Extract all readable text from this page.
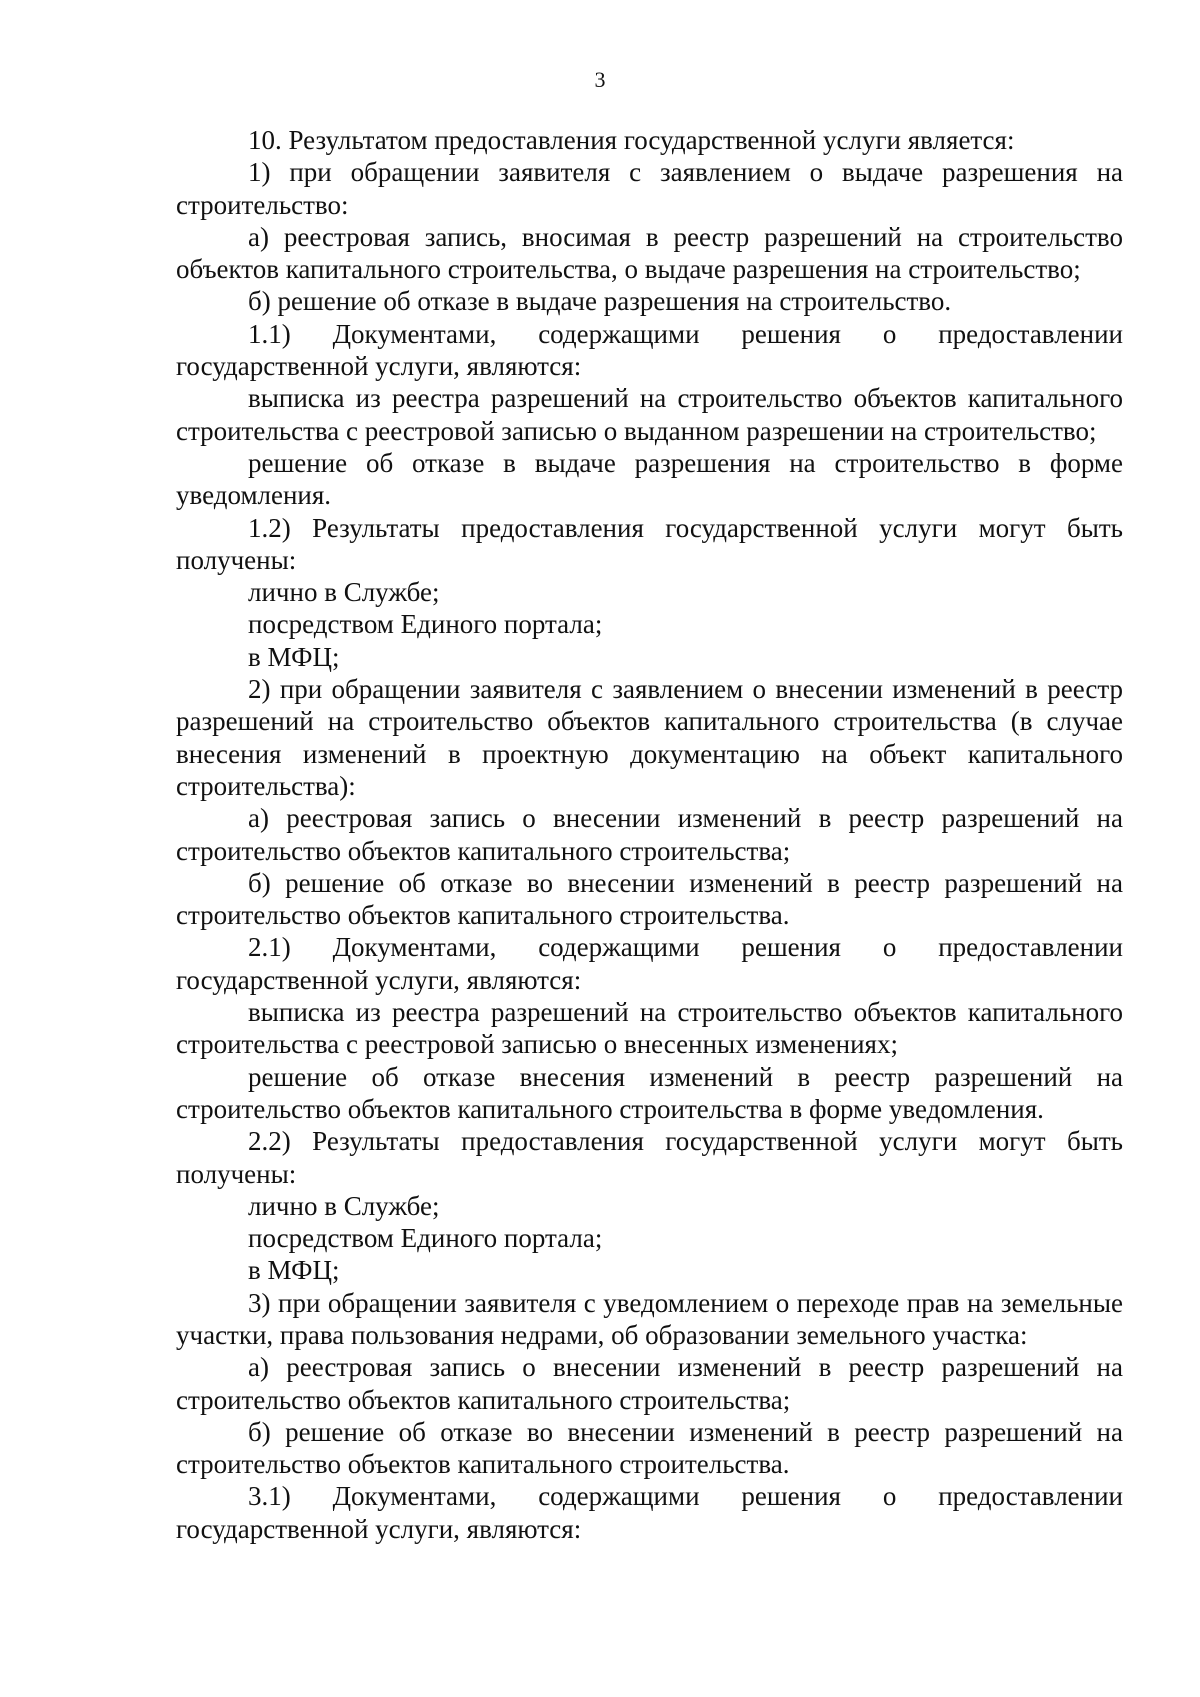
3

10. Результатом предоставления государственной услуги является:

1) при обращении заявителя с заявлением о выдаче разрешения на строительство:

а) реестровая запись, вносимая в реестр разрешений на строительство объектов капитального строительства, о выдаче разрешения на строительство;

б) решение об отказе в выдаче разрешения на строительство.

1.1) Документами, содержащими решения о предоставлении государственной услуги, являются:

выписка из реестра разрешений на строительство объектов капитального строительства с реестровой записью о выданном разрешении на строительство;

решение об отказе в выдаче разрешения на строительство в форме уведомления.

1.2) Результаты предоставления государственной услуги могут быть получены:

лично в Службе;

посредством Единого портала;

в МФЦ;

2) при обращении заявителя с заявлением о внесении изменений в реестр разрешений на строительство объектов капитального строительства (в случае внесения изменений в проектную документацию на объект капитального строительства):

а) реестровая запись о внесении изменений в реестр разрешений на строительство объектов капитального строительства;

б) решение об отказе во внесении изменений в реестр разрешений на строительство объектов капитального строительства.

2.1) Документами, содержащими решения о предоставлении государственной услуги, являются:

выписка из реестра разрешений на строительство объектов капитального строительства с реестровой записью о внесенных изменениях;

решение об отказе внесения изменений в реестр разрешений на строительство объектов капитального строительства в форме уведомления.

2.2) Результаты предоставления государственной услуги могут быть получены:

лично в Службе;

посредством Единого портала;

в МФЦ;

3) при обращении заявителя с уведомлением о переходе прав на земельные участки, права пользования недрами, об образовании земельного участка:

а) реестровая запись о внесении изменений в реестр разрешений на строительство объектов капитального строительства;

б) решение об отказе во внесении изменений в реестр разрешений на строительство объектов капитального строительства.

3.1) Документами, содержащими решения о предоставлении государственной услуги, являются:
